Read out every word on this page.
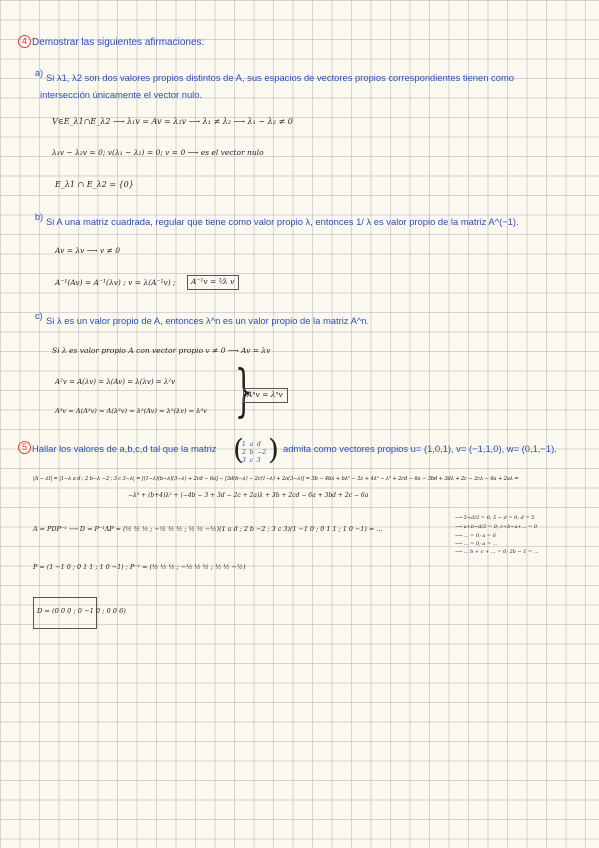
4 Demostrar las siguientes afirmaciones:
a) Si λ1, λ2 son dos valores propios distintos de A, sus espacios de vectores propios correspondientes tienen como
intersección únicamente el vector nulo.
V∈E_λ1∩E_λ2 ⟶ λ₁v = Av = λ₂v ⟶ λ₁ ≠ λ₂ ⟶ λ₁ − λ₂ ≠ 0
λ₁v − λ₂v = 0; v(λ₁ − λ₂) = 0; v = 0 ⟶ es el vector nulo
E_λ1 ∩ E_λ2 = {0}
b) Si A una matriz cuadrada, regular que tiene como valor propio λ, entonces 1/ λ es valor propio de la matriz A^(−1).
Av = λv ⟶ v ≠ 0
A⁻¹(Av) = A⁻¹(λv) ; v = λ(A⁻¹v) ; A⁻¹v = ¹⁄λ v
c) Si λ es un valor propio de A, entonces λ^n es un valor propio de la matriz A^n.
Si λ es valor propio A con vector propio v ≠ 0 ⟶ Av = λv
A²v = A(λv) = λ(Av) = λ(λv) = λ²v
A³v = A(A²v) = A(λ²v) = λ²(Av) = λ²(λv) = λ³v }
Aⁿv = λⁿv
5 Hallar los valores de a,b,c,d tal que la matriz (
1  a  d
2  b  −2
3  c  3 ) admita como vectores propios u= (1,0,1), v= (−1,1,0), w= (0,1,−1).
|A − λI| = |1−λ a d ; 2 b−λ −2 ; 3 c 3−λ| = [(1−λ)(b−λ)(3−λ) + 2cd − 6a] − [3d(b−λ) − 2c(1−λ) + 2a(3−λ)] = 3b − 4bλ + bλ² − 3λ + 4λ² − λ³ + 2cd − 6a − 3bd + 3dλ + 2c − 2cλ − 6a + 2aλ =
−λ³ + (b+4)λ² + (−4b − 3 + 3d − 2c + 2a)λ + 3b + 2cd − 6a + 3bd + 2c − 6a
A = PDP⁻¹ ⟶ D = P⁻¹AP = (½ ½ ½ ; −½ ½ ½ ; ½ ½ −½)(1 a d ; 2 b −2 ; 3 c 3)(1 −1 0 ; 0 1 1 ; 1 0 −1) = …
⟶ 5+d/2 = 0; 5 − d = 0; d = 5
⟶ a+b−d/2 = 0; c+b−a+... = 0
⟶ ... = 0; a = 6
⟶ ... = 0; a = ...
⟶ ... b + c + ... = 0; 2b − 1 = ...
P = (1 −1 0 ; 0 1 1 ; 1 0 −1) ; P⁻¹ = (½ ½ ½ ; −½ ½ ½ ; ½ ½ −½)
D = (0 0 0 ; 0 −1 0 ; 0 0 6)
